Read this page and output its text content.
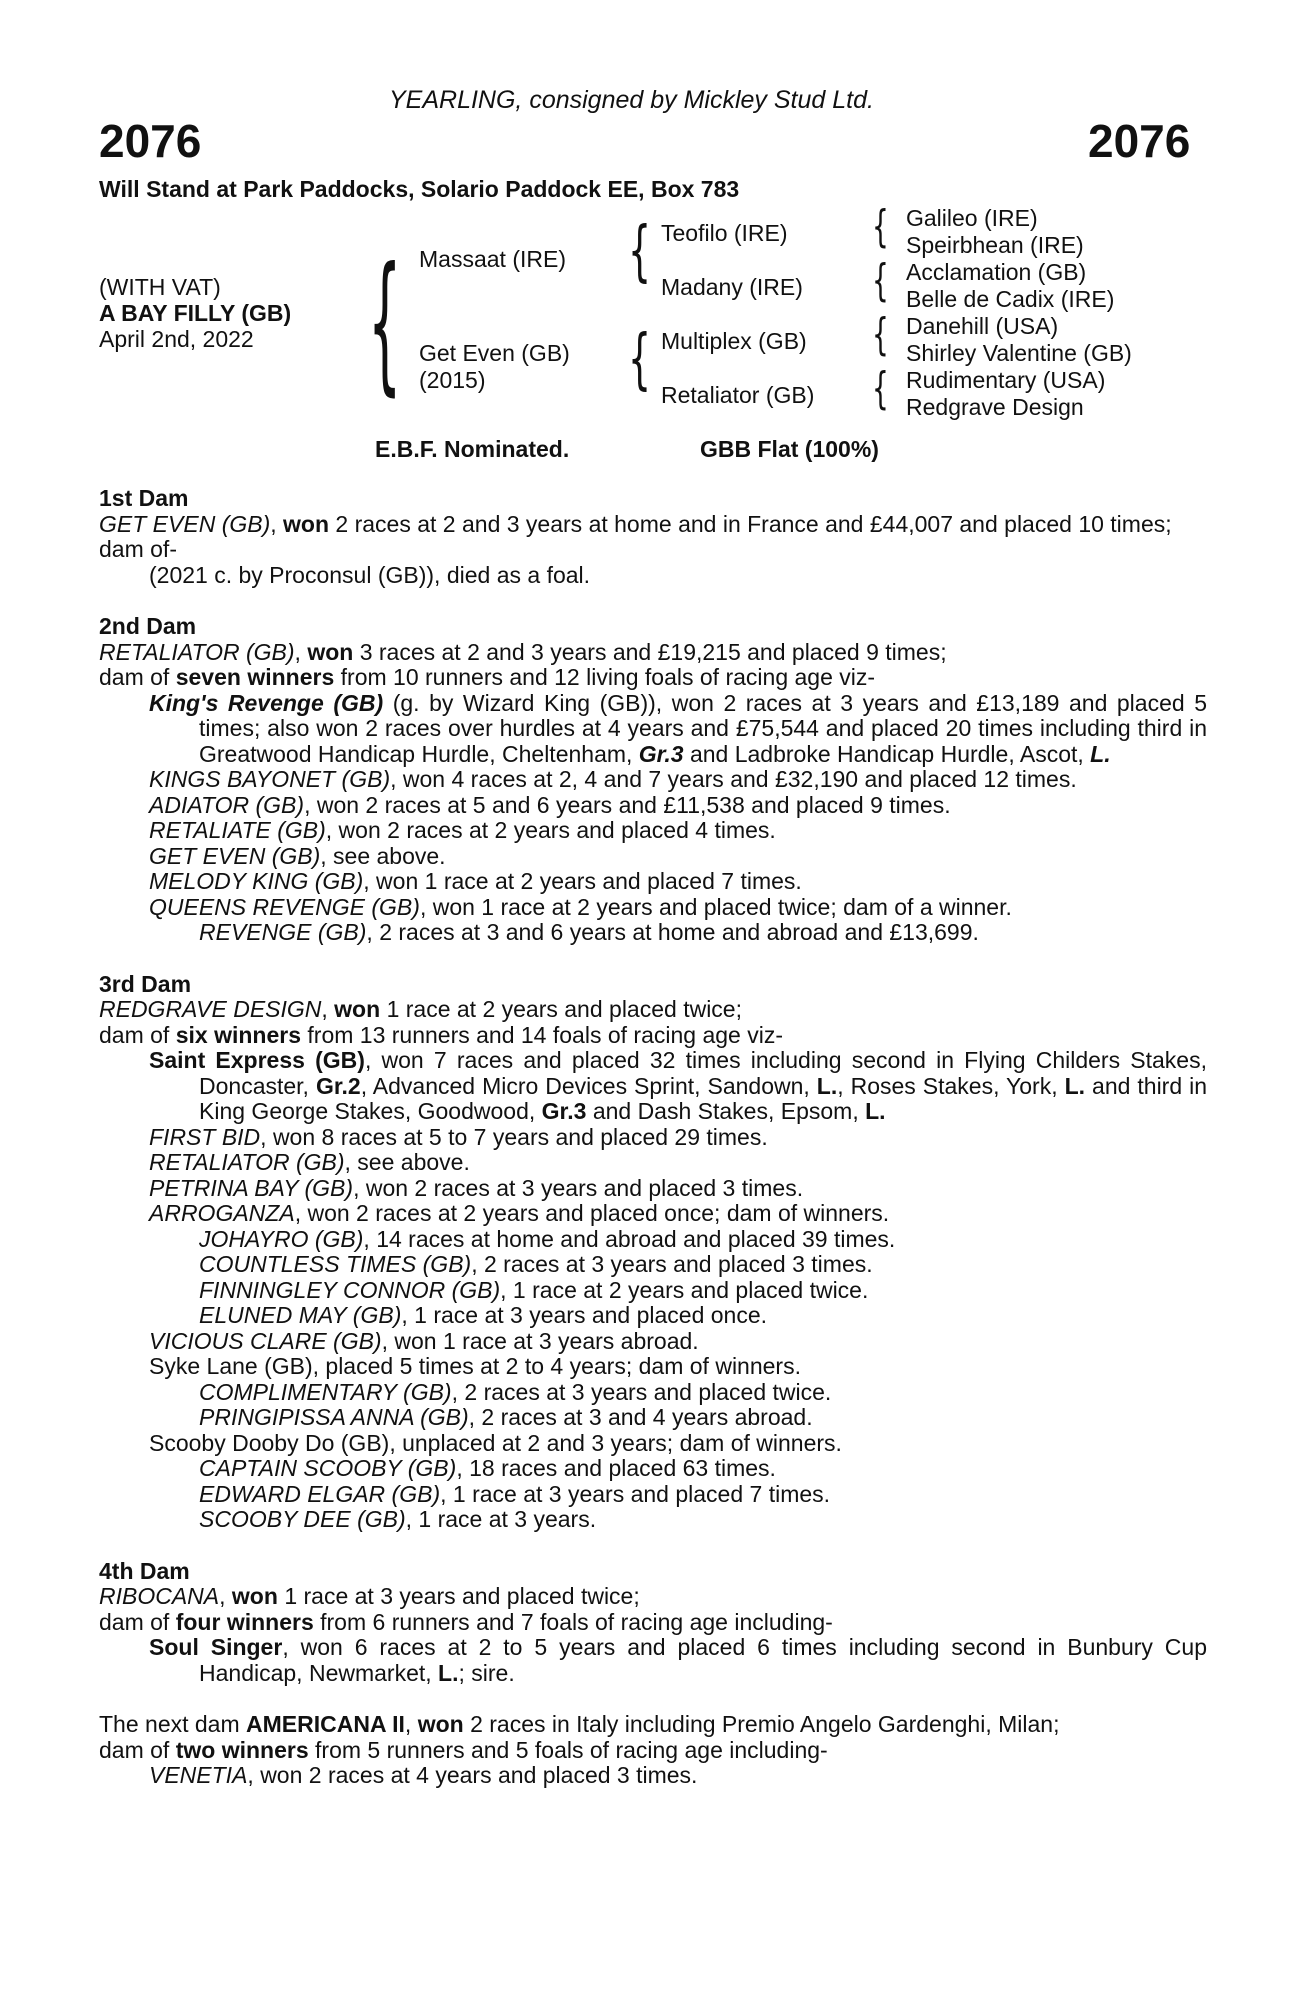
YEARLING, consigned by Mickley Stud Ltd.
2076	2076
Will Stand at Park Paddocks, Solario Paddock EE, Box 783
(WITH VAT)
A BAY FILLY (GB)
April 2nd, 2022 {	{
{
{
{
{
{
Massaat (IRE)
Get Even (GB)
(2015)
Teofilo (IRE)
Madany (IRE)
Multiplex (GB)
Retaliator (GB)
Galileo (IRE)
Speirbhean (IRE)
Acclamation (GB)
Belle de Cadix (IRE)
Danehill (USA)
Shirley Valentine (GB)
Rudimentary (USA)
Redgrave Design
E.B.F. Nominated.	GBB Flat (100%)
1st Dam
GET EVEN (GB), won 2 races at 2 and 3 years at home and in France and £44,007 and placed 10 times;
dam of-
(2021 c. by Proconsul (GB)), died as a foal.
2nd Dam
RETALIATOR (GB), won 3 races at 2 and 3 years and £19,215 and placed 9 times;
dam of seven winners from 10 runners and 12 living foals of racing age viz-
King's Revenge (GB) (g. by Wizard King (GB)), won 2 races at 3 years and £13,189 and placed 5 times; also won 2 races over hurdles at 4 years and £75,544 and placed 20 times including third in Greatwood Handicap Hurdle, Cheltenham, Gr.3 and Ladbroke Handicap Hurdle, Ascot, L.
KINGS BAYONET (GB), won 4 races at 2, 4 and 7 years and £32,190 and placed 12 times.
ADIATOR (GB), won 2 races at 5 and 6 years and £11,538 and placed 9 times.
RETALIATE (GB), won 2 races at 2 years and placed 4 times.
GET EVEN (GB), see above.
MELODY KING (GB), won 1 race at 2 years and placed 7 times.
QUEENS REVENGE (GB), won 1 race at 2 years and placed twice; dam of a winner.
REVENGE (GB), 2 races at 3 and 6 years at home and abroad and £13,699.
3rd Dam
REDGRAVE DESIGN, won 1 race at 2 years and placed twice;
dam of six winners from 13 runners and 14 foals of racing age viz-
Saint Express (GB), won 7 races and placed 32 times including second in Flying Childers Stakes, Doncaster, Gr.2, Advanced Micro Devices Sprint, Sandown, L., Roses Stakes, York, L. and third in King George Stakes, Goodwood, Gr.3 and Dash Stakes, Epsom, L.
FIRST BID, won 8 races at 5 to 7 years and placed 29 times.
RETALIATOR (GB), see above.
PETRINA BAY (GB), won 2 races at 3 years and placed 3 times.
ARROGANZA, won 2 races at 2 years and placed once; dam of winners.
JOHAYRO (GB), 14 races at home and abroad and placed 39 times.
COUNTLESS TIMES (GB), 2 races at 3 years and placed 3 times.
FINNINGLEY CONNOR (GB), 1 race at 2 years and placed twice.
ELUNED MAY (GB), 1 race at 3 years and placed once.
VICIOUS CLARE (GB), won 1 race at 3 years abroad.
Syke Lane (GB), placed 5 times at 2 to 4 years; dam of winners.
COMPLIMENTARY (GB), 2 races at 3 years and placed twice.
PRINGIPISSA ANNA (GB), 2 races at 3 and 4 years abroad.
Scooby Dooby Do (GB), unplaced at 2 and 3 years; dam of winners.
CAPTAIN SCOOBY (GB), 18 races and placed 63 times.
EDWARD ELGAR (GB), 1 race at 3 years and placed 7 times.
SCOOBY DEE (GB), 1 race at 3 years.
4th Dam
RIBOCANA, won 1 race at 3 years and placed twice;
dam of four winners from 6 runners and 7 foals of racing age including-
Soul Singer, won 6 races at 2 to 5 years and placed 6 times including second in Bunbury Cup Handicap, Newmarket, L.; sire.
The next dam AMERICANA II, won 2 races in Italy including Premio Angelo Gardenghi, Milan;
dam of two winners from 5 runners and 5 foals of racing age including-
VENETIA, won 2 races at 4 years and placed 3 times.
